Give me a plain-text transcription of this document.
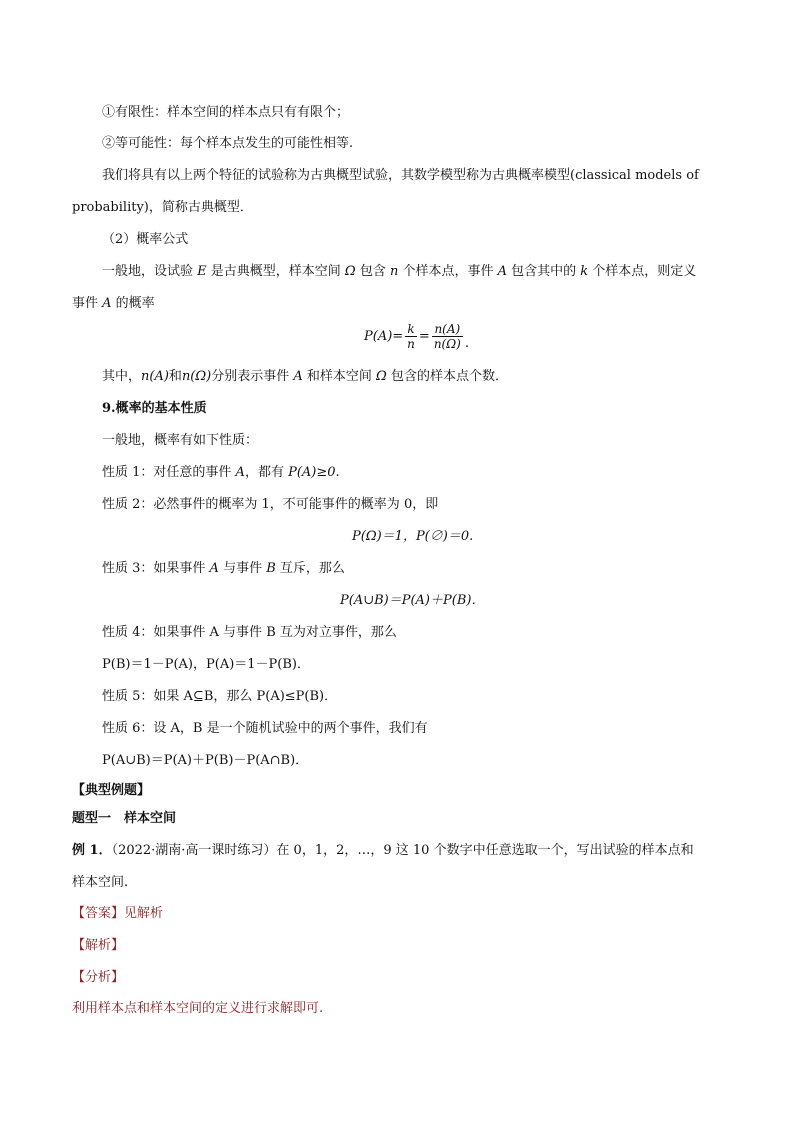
①有限性：样本空间的样本点只有有限个；
②等可能性：每个样本点发生的可能性相等.
我们将具有以上两个特征的试验称为古典概型试验，其数学模型称为古典概率模型(classical models of
probability)，简称古典概型．
（2）概率公式
一般地，设试验 E 是古典概型，样本空间 Ω 包含 n 个样本点，事件 A 包含其中的 k 个样本点，则定义
事件 A 的概率
$P(A)= \frac{k}{n} = \frac{n(A)}{n(\Omega)}$ .
其中，n(A)和n(Ω)分别表示事件 A 和样本空间 Ω 包含的样本点个数．
9.概率的基本性质
一般地，概率有如下性质：
性质 1：对任意的事件 A，都有 P(A)≥0.
性质 2：必然事件的概率为 1，不可能事件的概率为 0，即
P(Ω)＝1，P(∅)＝0.
性质 3：如果事件 A 与事件 B 互斥，那么
P(A∪B)＝P(A)＋P(B)．
性质 4：如果事件 A 与事件 B 互为对立事件，那么
P(B)＝1－P(A)，P(A)＝1－P(B)．
性质 5：如果 A⊆B，那么 P(A)≤P(B)．
性质 6：设 A，B 是一个随机试验中的两个事件，我们有
P(A∪B)＝P(A)＋P(B)－P(A∩B)．
【典型例题】
题型一　样本空间
例 1．（2022·湖南·高一课时练习）在 0，1，2，…，9 这 10 个数字中任意选取一个，写出试验的样本点和
样本空间.
【答案】见解析
【解析】
【分析】
利用样本点和样本空间的定义进行求解即可.
